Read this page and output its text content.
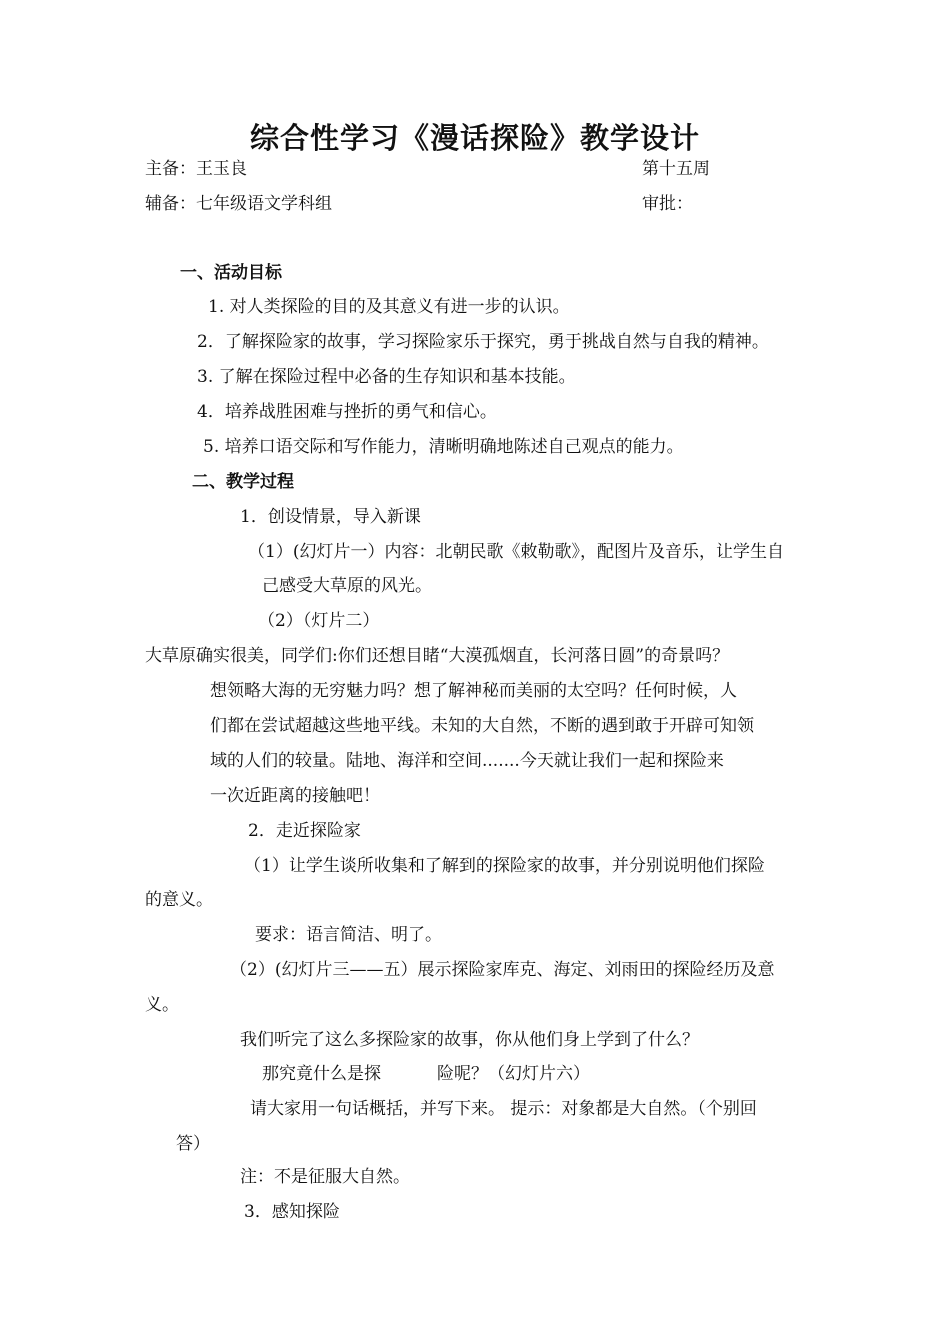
综合性学习《漫话探险》教学设计
主备：王玉良	第十五周
辅备：七年级语文学科组	审批：
一、活动目标
1. 对人类探险的目的及其意义有进一步的认识。
2．了解探险家的故事，学习探险家乐于探究，勇于挑战自然与自我的精神。
3. 了解在探险过程中必备的生存知识和基本技能。
4．培养战胜困难与挫折的勇气和信心。
5. 培养口语交际和写作能力，清晰明确地陈述自己观点的能力。
二、教学过程
1．创设情景，导入新课
（1）(幻灯片一）内容：北朝民歌《敕勒歌》，配图片及音乐，让学生自
己感受大草原的风光。
（2）（灯片二）
大草原确实很美，同学们:你们还想目睹“大漠孤烟直，长河落日圆”的奇景吗？
想领略大海的无穷魅力吗？想了解神秘而美丽的太空吗？任何时候，人
们都在尝试超越这些地平线。未知的大自然，不断的遇到敢于开辟可知领
域的人们的较量。陆地、海洋和空间.......今天就让我们一起和探险来
一次近距离的接触吧！
2．走近探险家
（1）让学生谈所收集和了解到的探险家的故事，并分别说明他们探险
的意义。
要求：语言简洁、明了。
（2）(幻灯片三——五）展示探险家库克、海定、刘雨田的探险经历及意
义。
我们听完了这么多探险家的故事，你从他们身上学到了什么？
那究竟什么是探	险呢？（幻灯片六）
请大家用一句话概括，并写下来。 提示：对象都是大自然。（个别回
答）
注：不是征服大自然。
3．感知探险
